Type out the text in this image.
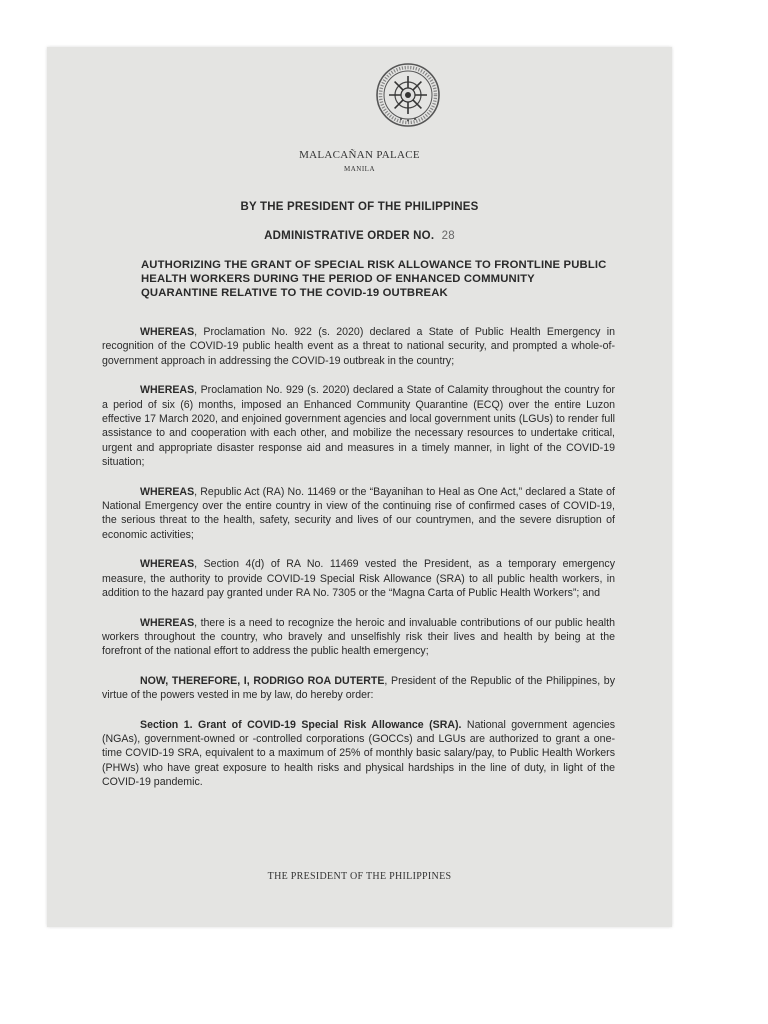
MALACAÑAN PALACE
MANILA
BY THE PRESIDENT OF THE PHILIPPINES
ADMINISTRATIVE ORDER NO. 28
AUTHORIZING THE GRANT OF SPECIAL RISK ALLOWANCE TO FRONTLINE PUBLIC HEALTH WORKERS DURING THE PERIOD OF ENHANCED COMMUNITY QUARANTINE RELATIVE TO THE COVID-19 OUTBREAK

WHEREAS, Proclamation No. 922 (s. 2020) declared a State of Public Health Emergency in recognition of the COVID-19 public health event as a threat to national security, and prompted a whole-of-government approach in addressing the COVID-19 outbreak in the country;

WHEREAS, Proclamation No. 929 (s. 2020) declared a State of Calamity throughout the country for a period of six (6) months, imposed an Enhanced Community Quarantine (ECQ) over the entire Luzon effective 17 March 2020, and enjoined government agencies and local government units (LGUs) to render full assistance to and cooperation with each other, and mobilize the necessary resources to undertake critical, urgent and appropriate disaster response aid and measures in a timely manner, in light of the COVID-19 situation;

WHEREAS, Republic Act (RA) No. 11469 or the “Bayanihan to Heal as One Act,” declared a State of National Emergency over the entire country in view of the continuing rise of confirmed cases of COVID-19, the serious threat to the health, safety, security and lives of our countrymen, and the severe disruption of economic activities;

WHEREAS, Section 4(d) of RA No. 11469 vested the President, as a temporary emergency measure, the authority to provide COVID-19 Special Risk Allowance (SRA) to all public health workers, in addition to the hazard pay granted under RA No. 7305 or the “Magna Carta of Public Health Workers”; and

WHEREAS, there is a need to recognize the heroic and invaluable contributions of our public health workers throughout the country, who bravely and unselfishly risk their lives and health by being at the forefront of the national effort to address the public health emergency;

NOW, THEREFORE, I, RODRIGO ROA DUTERTE, President of the Republic of the Philippines, by virtue of the powers vested in me by law, do hereby order:

Section 1. Grant of COVID-19 Special Risk Allowance (SRA). National government agencies (NGAs), government-owned or -controlled corporations (GOCCs) and LGUs are authorized to grant a one-time COVID-19 SRA, equivalent to a maximum of 25% of monthly basic salary/pay, to Public Health Workers (PHWs) who have great exposure to health risks and physical hardships in the line of duty, in light of the COVID-19 pandemic.

THE PRESIDENT OF THE PHILIPPINES
